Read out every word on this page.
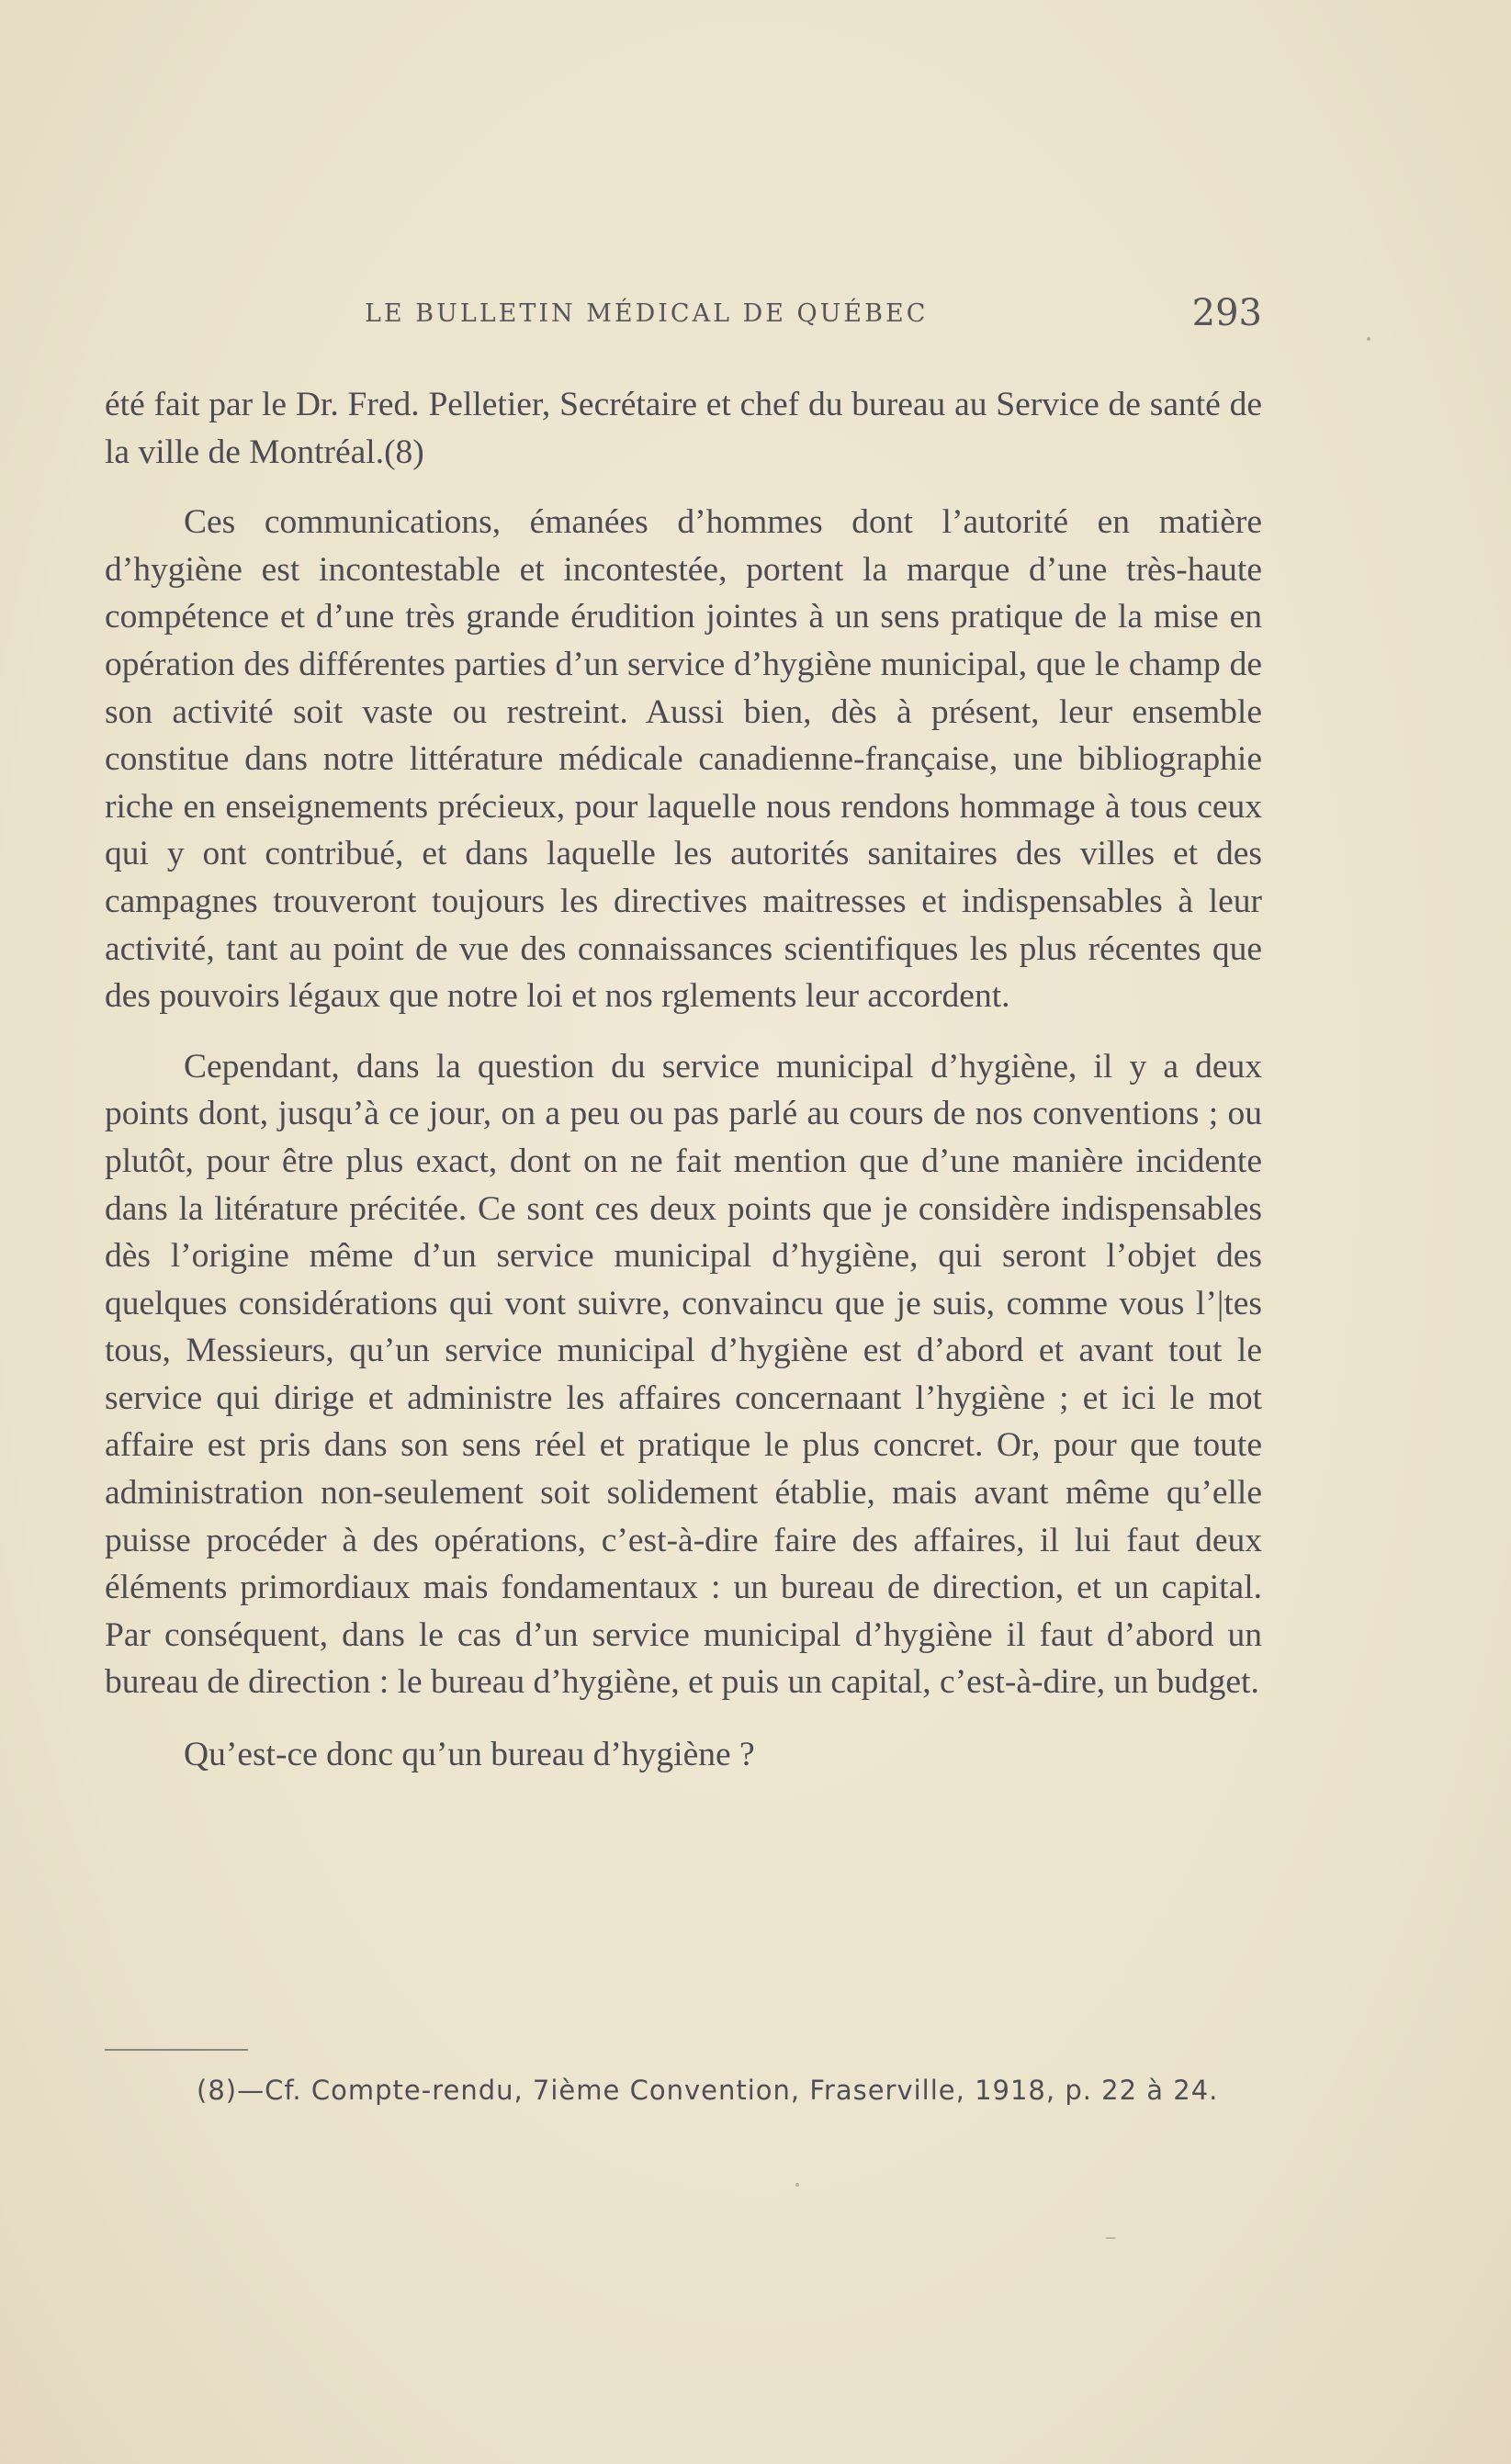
LE BULLETIN MÉDICAL DE QUÉBEC	293

été fait par le Dr. Fred. Pelletier, Secrétaire et chef du bureau au Service de santé de la ville de Montréal.(8)

Ces communications, émanées d’hommes dont l’autorité en matière d’hygiène est incontestable et incontestée, portent la marque d’une très-haute compétence et d’une très grande érudition jointes à un sens pratique de la mise en opération des différentes parties d’un service d’hygiène municipal, que le champ de son activité soit vaste ou restreint. Aussi bien, dès à présent, leur ensemble constitue dans notre littérature médicale canadienne-française, une bibliographie riche en enseignements précieux, pour laquelle nous rendons hommage à tous ceux qui y ont contribué, et dans laquelle les autorités sanitaires des villes et des campagnes trouveront toujours les directives maitresses et indispensables à leur activité, tant au point de vue des connaissances scientifiques les plus récentes que des pouvoirs légaux que notre loi et nos rglements leur accordent.

Cependant, dans la question du service municipal d’hygiène, il y a deux points dont, jusqu’à ce jour, on a peu ou pas parlé au cours de nos conventions ; ou plutôt, pour être plus exact, dont on ne fait mention que d’une manière incidente dans la litérature précitée. Ce sont ces deux points que je considère indispensables dès l’origine même d’un service municipal d’hygiène, qui seront l’objet des quelques considérations qui vont suivre, convaincu que je suis, comme vous l’|tes tous, Messieurs, qu’un service municipal d’hygiène est d’abord et avant tout le service qui dirige et administre les affaires concernaant l’hygiène ; et ici le mot affaire est pris dans son sens réel et pratique le plus concret. Or, pour que toute administration non-seulement soit solidement établie, mais avant même qu’elle puisse procéder à des opérations, c’est-à-dire faire des affaires, il lui faut deux éléments primordiaux mais fondamentaux : un bureau de direction, et un capital. Par conséquent, dans le cas d’un service municipal d’hygiène il faut d’abord un bureau de direction : le bureau d’hygiène, et puis un capital, c’est-à-dire, un budget.

Qu’est-ce donc qu’un bureau d’hygiène ?

(8)—Cf. Compte-rendu, 7ième Convention, Fraserville, 1918, p. 22 à 24.
